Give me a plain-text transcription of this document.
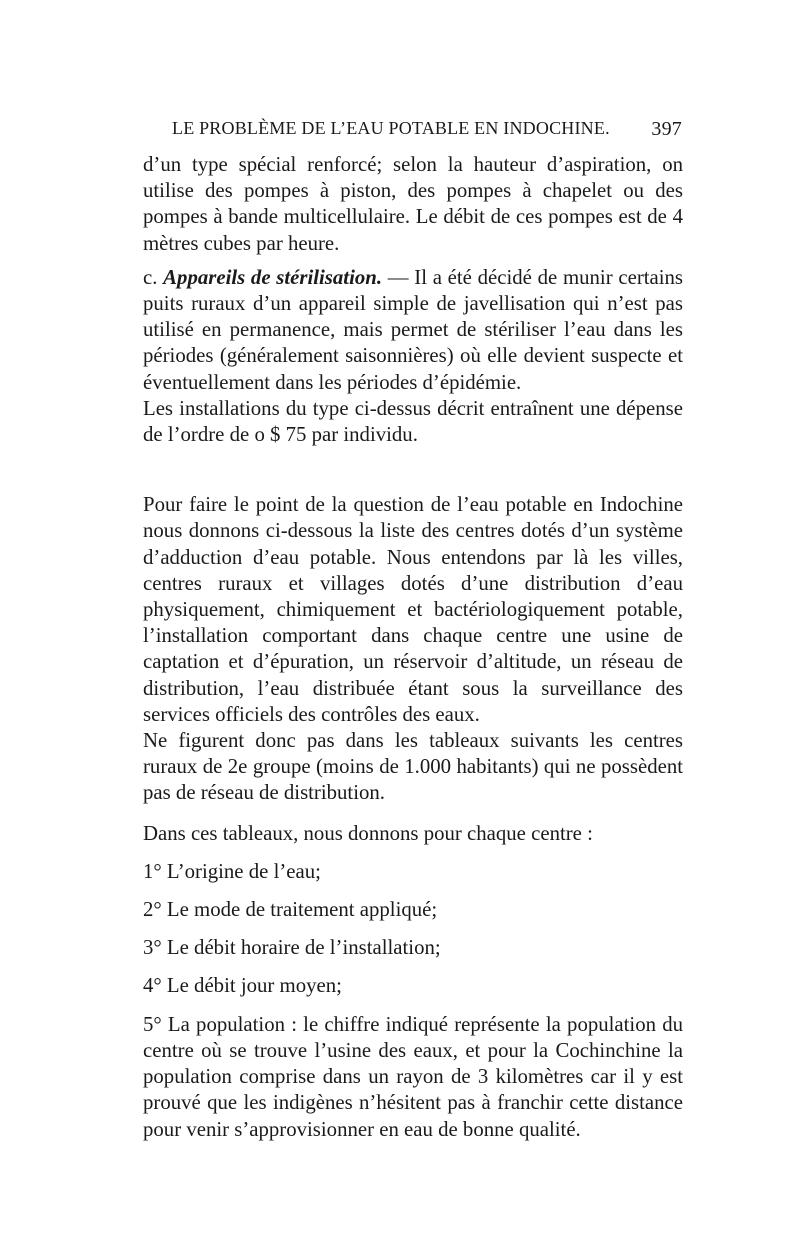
LE PROBLÈME DE L’EAU POTABLE EN INDOCHINE. 397

d’un type spécial renforcé; selon la hauteur d’aspiration, on utilise des pompes à piston, des pompes à chapelet ou des pompes à bande multicellulaire. Le débit de ces pompes est de 4 mètres cubes par heure.

c. Appareils de stérilisation. — Il a été décidé de munir certains puits ruraux d’un appareil simple de javellisation qui n’est pas utilisé en permanence, mais permet de stériliser l’eau dans les périodes (généralement saisonnières) où elle devient suspecte et éventuellement dans les périodes d’épidémie.

Les installations du type ci-dessus décrit entraînent une dépense de l’ordre de o $ 75 par individu.

Pour faire le point de la question de l’eau potable en Indochine nous donnons ci-dessous la liste des centres dotés d’un système d’adduction d’eau potable. Nous entendons par là les villes, centres ruraux et villages dotés d’une distribution d’eau physiquement, chimiquement et bactériologiquement potable, l’installation comportant dans chaque centre une usine de captation et d’épuration, un réservoir d’altitude, un réseau de distribution, l’eau distribuée étant sous la surveillance des services officiels des contrôles des eaux.

Ne figurent donc pas dans les tableaux suivants les centres ruraux de 2e groupe (moins de 1.000 habitants) qui ne possèdent pas de réseau de distribution.

Dans ces tableaux, nous donnons pour chaque centre :

1° L’origine de l’eau;

2° Le mode de traitement appliqué;

3° Le débit horaire de l’installation;

4° Le débit jour moyen;

5° La population : le chiffre indiqué représente la population du centre où se trouve l’usine des eaux, et pour la Cochinchine la population comprise dans un rayon de 3 kilomètres car il y est prouvé que les indigènes n’hésitent pas à franchir cette distance pour venir s’approvisionner en eau de bonne qualité.
